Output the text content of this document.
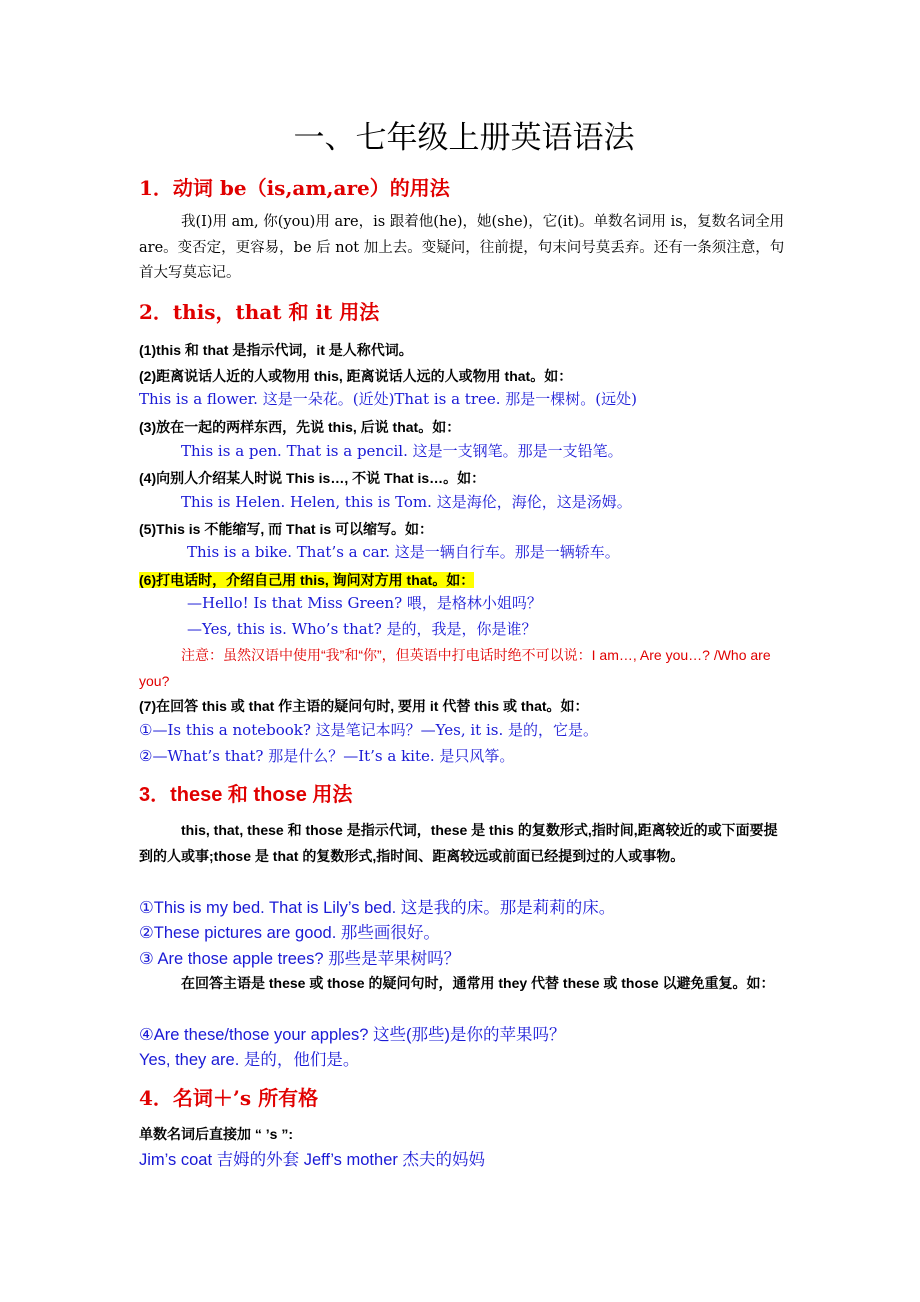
一、七年级上册英语语法
1．动词 be（is,am,are）的用法

我(I)用 am, 你(you)用 are，is 跟着他(he)，她(she)，它(it)。单数名词用 is，复数名词全用 are。变否定，更容易，be 后 not 加上去。变疑问，往前提，句末问号莫丢弃。还有一条须注意，句首大写莫忘记。

2．this，that 和 it 用法

(1)this 和 that 是指示代词，it 是人称代词。

(2)距离说话人近的人或物用 this, 距离说话人远的人或物用 that。如：

This is a flower. 这是一朵花。(近处)That is a tree. 那是一棵树。(远处)

(3)放在一起的两样东西，先说 this, 后说 that。如：

This is a pen. That is a pencil. 这是一支钢笔。那是一支铅笔。

(4)向别人介绍某人时说 This is…, 不说 That is…。如：

This is Helen. Helen, this is Tom. 这是海伦，海伦，这是汤姆。

(5)This is 不能缩写, 而 That is 可以缩写。如：

This is a bike. That’s a car. 这是一辆自行车。那是一辆轿车。

(6)打电话时，介绍自己用 this, 询问对方用 that。如：

—Hello! Is that Miss Green? 喂，是格林小姐吗？

—Yes, this is. Who’s that? 是的，我是，你是谁？

注意：虽然汉语中使用“我”和“你”，但英语中打电话时绝不可以说：I am…, Are you…? /Who are you?

(7)在回答 this 或 that 作主语的疑问句时, 要用 it 代替 this 或 that。如：

①—Is this a notebook? 这是笔记本吗？—Yes, it is. 是的，它是。

②—What’s that? 那是什么？—It’s a kite. 是只风筝。

3．these 和 those 用法

this, that, these 和 those 是指示代词，these 是 this 的复数形式,指时间,距离较近的或下面要提到的人或事;those 是 that 的复数形式,指时间、距离较远或前面已经提到过的人或事物。

①This is my bed. That is Lily’s bed. 这是我的床。那是莉莉的床。

②These pictures are good. 那些画很好。

③ Are those apple trees? 那些是苹果树吗？

在回答主语是 these 或 those 的疑问句时，通常用 they 代替 these 或 those 以避免重复。如：

④Are these/those your apples? 这些(那些)是你的苹果吗？

Yes, they are. 是的，他们是。

4．名词＋’s 所有格

单数名词后直接加 “ ’s ”:

Jim’s coat 吉姆的外套 Jeff’s mother 杰夫的妈妈
